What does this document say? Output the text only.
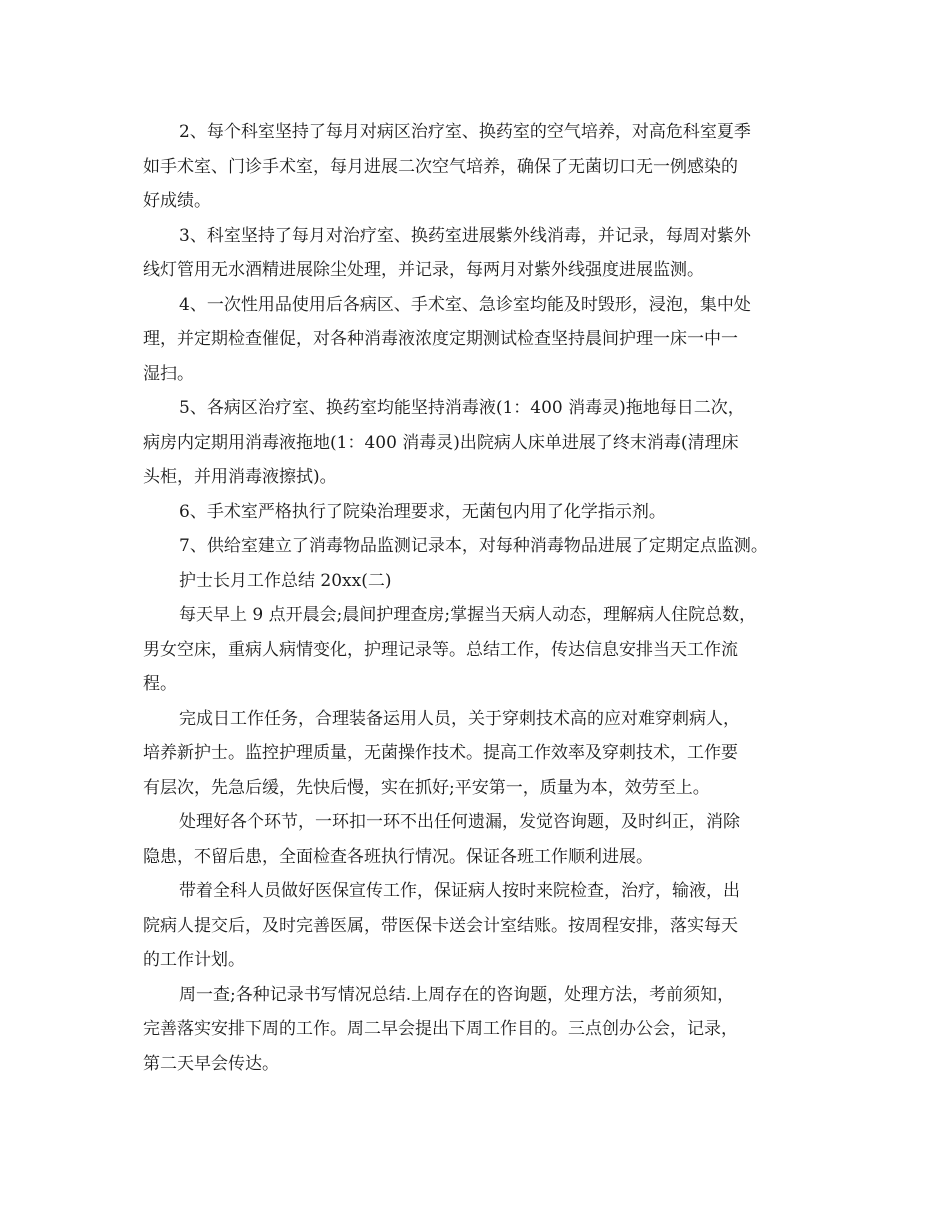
2、每个科室坚持了每月对病区治疗室、换药室的空气培养，对高危科室夏季
如手术室、门诊手术室，每月进展二次空气培养，确保了无菌切口无一例感染的
好成绩。
3、科室坚持了每月对治疗室、换药室进展紫外线消毒，并记录，每周对紫外
线灯管用无水酒精进展除尘处理，并记录，每两月对紫外线强度进展监测。
4、一次性用品使用后各病区、手术室、急诊室均能及时毁形，浸泡，集中处
理，并定期检查催促，对各种消毒液浓度定期测试检查坚持晨间护理一床一中一
湿扫。
5、各病区治疗室、换药室均能坚持消毒液(1：400 消毒灵)拖地每日二次，
病房内定期用消毒液拖地(1：400 消毒灵)出院病人床单进展了终末消毒(清理床
头柜，并用消毒液擦拭)。
6、手术室严格执行了院染治理要求，无菌包内用了化学指示剂。
7、供给室建立了消毒物品监测记录本，对每种消毒物品进展了定期定点监测。
护士长月工作总结 20xx(二)
每天早上 9 点开晨会;晨间护理查房;掌握当天病人动态，理解病人住院总数，
男女空床，重病人病情变化，护理记录等。总结工作，传达信息安排当天工作流
程。
完成日工作任务，合理装备运用人员，关于穿刺技术高的应对难穿刺病人，
培养新护士。监控护理质量，无菌操作技术。提高工作效率及穿刺技术，工作要
有层次，先急后缓，先快后慢，实在抓好;平安第一，质量为本，效劳至上。
处理好各个环节，一环扣一环不出任何遗漏，发觉咨询题，及时纠正，消除
隐患，不留后患，全面检查各班执行情况。保证各班工作顺利进展。
带着全科人员做好医保宣传工作，保证病人按时来院检查，治疗，输液，出
院病人提交后，及时完善医属，带医保卡送会计室结账。按周程安排，落实每天
的工作计划。
周一查;各种记录书写情况总结.上周存在的咨询题，处理方法，考前须知，
完善落实安排下周的工作。周二早会提出下周工作目的。三点创办公会，记录，
第二天早会传达。
